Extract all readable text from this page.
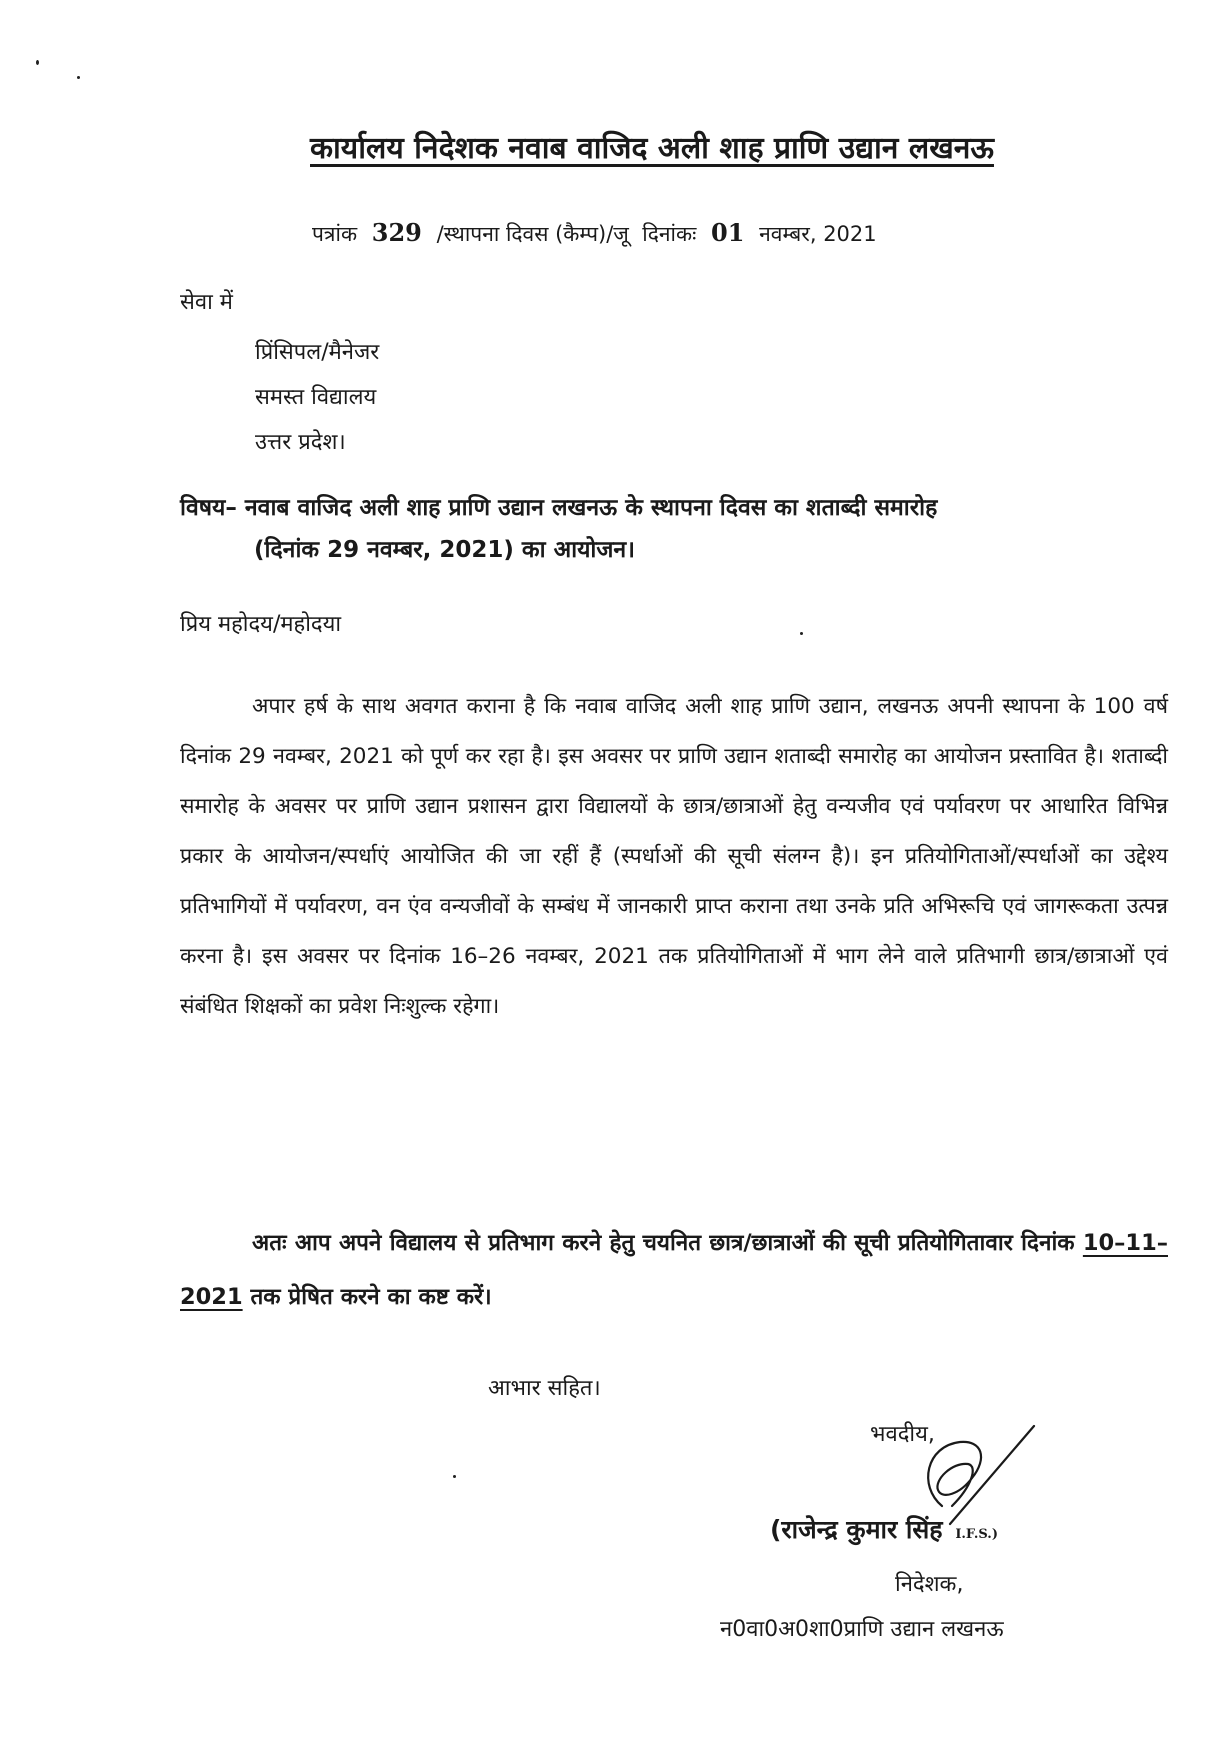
कार्यालय निदेशक नवाब वाजिद अली शाह प्राणि उद्यान लखनऊ
पत्रांक 329 /स्थापना दिवस (कैम्प)/जू दिनांकः 01 नवम्बर, 2021
सेवा में
प्रिंसिपल/मैनेजर
समस्त विद्यालय
उत्तर प्रदेश।
विषय– नवाब वाजिद अली शाह प्राणि उद्यान लखनऊ के स्थापना दिवस का शताब्दी समारोह
(दिनांक 29 नवम्बर, 2021) का आयोजन।
प्रिय महोदय/महोदया
अपार हर्ष के साथ अवगत कराना है कि नवाब वाजिद अली शाह प्राणि उद्यान, लखनऊ अपनी स्थापना के 100 वर्ष दिनांक 29 नवम्बर, 2021 को पूर्ण कर रहा है। इस अवसर पर प्राणि उद्यान शताब्दी समारोह का आयोजन प्रस्तावित है। शताब्दी समारोह के अवसर पर प्राणि उद्यान प्रशासन द्वारा विद्यालयों के छात्र/छात्राओं हेतु वन्यजीव एवं पर्यावरण पर आधारित विभिन्न प्रकार के आयोजन/स्पर्धाएं आयोजित की जा रहीं हैं (स्पर्धाओं की सूची संलग्न है)। इन प्रतियोगिताओं/स्पर्धाओं का उद्देश्य प्रतिभागियों में पर्यावरण, वन एंव वन्यजीवों के सम्बंध में जानकारी प्राप्त कराना तथा उनके प्रति अभिरूचि एवं जागरूकता उत्पन्न करना है। इस अवसर पर दिनांक 16–26 नवम्बर, 2021 तक प्रतियोगिताओं में भाग लेने वाले प्रतिभागी छात्र/छात्राओं एवं संबंधित शिक्षकों का प्रवेश निःशुल्क रहेगा।
अतः आप अपने विद्यालय से प्रतिभाग करने हेतु चयनित छात्र/छात्राओं की सूची प्रतियोगितावार दिनांक 10–11–2021 तक प्रेषित करने का कष्ट करें।
आभार सहित।
भवदीय,
(राजेन्द्र कुमार सिंह I.F.S.)
निदेशक,
न0वा0अ0शा0प्राणि उद्यान लखनऊ
